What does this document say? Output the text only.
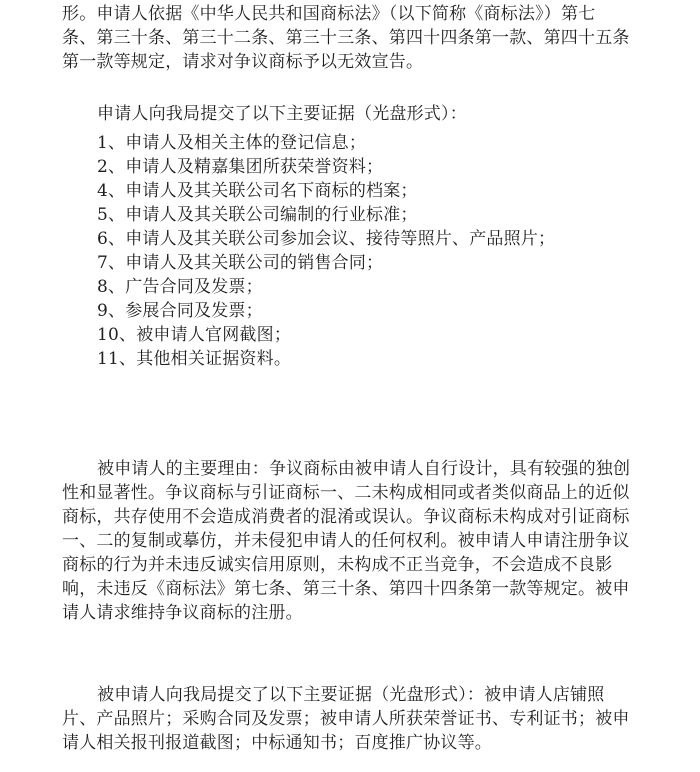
形。申请人依据《中华人民共和国商标法》（以下简称《商标法》）第七
条、第三十条、第三十二条、第三十三条、第四十四条第一款、第四十五条
第一款等规定，请求对争议商标予以无效宣告。
申请人向我局提交了以下主要证据（光盘形式）：
1、申请人及相关主体的登记信息；
2、申请人及精嘉集团所获荣誉资料；
4、申请人及其关联公司名下商标的档案；
5、申请人及其关联公司编制的行业标准；
6、申请人及其关联公司参加会议、接待等照片、产品照片；
7、申请人及其关联公司的销售合同；
8、广告合同及发票；
9、参展合同及发票；
10、被申请人官网截图；
11、其他相关证据资料。
被申请人的主要理由：争议商标由被申请人自行设计，具有较强的独创
性和显著性。争议商标与引证商标一、二未构成相同或者类似商品上的近似
商标，共存使用不会造成消费者的混淆或误认。争议商标未构成对引证商标
一、二的复制或摹仿，并未侵犯申请人的任何权利。被申请人申请注册争议
商标的行为并未违反诚实信用原则，未构成不正当竞争，不会造成不良影
响，未违反《商标法》第七条、第三十条、第四十四条第一款等规定。被申
请人请求维持争议商标的注册。
被申请人向我局提交了以下主要证据（光盘形式）：被申请人店铺照
片、产品照片；采购合同及发票；被申请人所获荣誉证书、专利证书；被申
请人相关报刊报道截图；中标通知书；百度推广协议等。
